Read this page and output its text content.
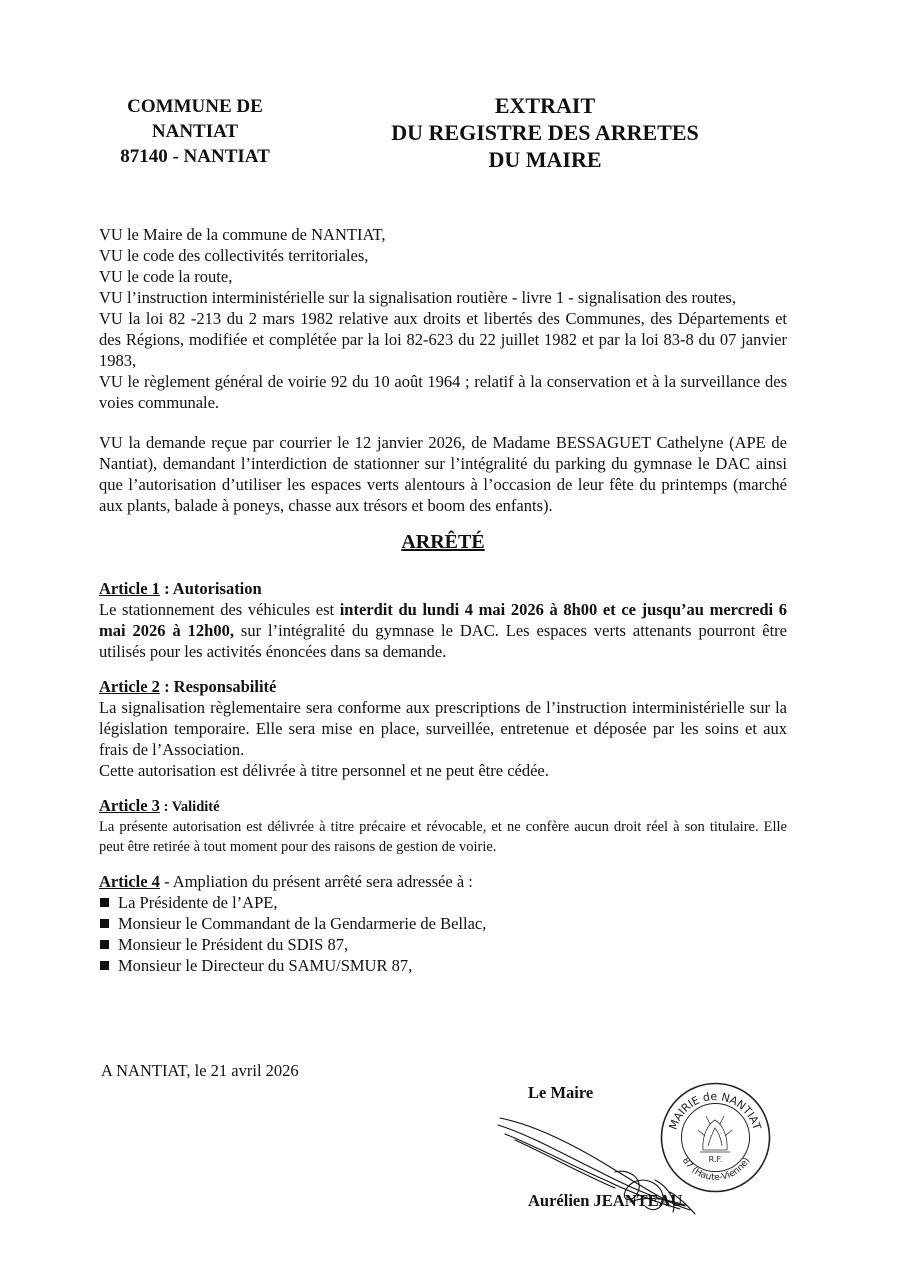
COMMUNE DE
NANTIAT
87140 - NANTIAT
EXTRAIT
DU REGISTRE DES ARRETES
DU MAIRE
VU le Maire de la commune de NANTIAT,
VU le code des collectivités territoriales,
VU le code la route,

VU l’instruction interministérielle sur la signalisation routière - livre 1 - signalisation des routes,

VU la loi 82 -213 du 2 mars 1982 relative aux droits et libertés des Communes, des Départements et des Régions, modifiée et complétée par la loi 82-623 du 22 juillet 1982 et par la loi 83-8 du 07 janvier 1983,

VU le règlement général de voirie 92 du 10 août 1964 ; relatif à la conservation et à la surveillance des voies communale.

VU la demande reçue par courrier le 12 janvier 2026, de Madame BESSAGUET Cathelyne (APE de Nantiat), demandant l’interdiction de stationner sur l’intégralité du parking du gymnase le DAC ainsi que l’autorisation d’utiliser les espaces verts alentours à l’occasion de leur fête du printemps (marché aux plants, balade à poneys, chasse aux trésors et boom des enfants).

ARRÊTÉ
Article 1 : Autorisation

Le stationnement des véhicules est interdit du lundi 4 mai 2026 à 8h00 et ce jusqu’au mercredi 6 mai 2026 à 12h00, sur l’intégralité du gymnase le DAC. Les espaces verts attenants pourront être utilisés pour les activités énoncées dans sa demande.

Article 2 : Responsabilité

La signalisation règlementaire sera conforme aux prescriptions de l’instruction interministérielle sur la législation temporaire. Elle sera mise en place, surveillée, entretenue et déposée par les soins et aux frais de l’Association.

Cette autorisation est délivrée à titre personnel et ne peut être cédée.

Article 3 : Validité

La présente autorisation est délivrée à titre précaire et révocable, et ne confère aucun droit réel à son titulaire. Elle peut être retirée à tout moment pour des raisons de gestion de voirie.

Article 4 - Ampliation du présent arrêté sera adressée à :
La Présidente de l’APE,
Monsieur le Commandant de la Gendarmerie de Bellac,
Monsieur le Président du SDIS 87,
Monsieur le Directeur du SAMU/SMUR 87,
A NANTIAT, le 21 avril 2026
Le Maire
MAIRIE de NANTIAT
87 (Haute-Vienne)
R.F.
Aurélien JEANTEAU
